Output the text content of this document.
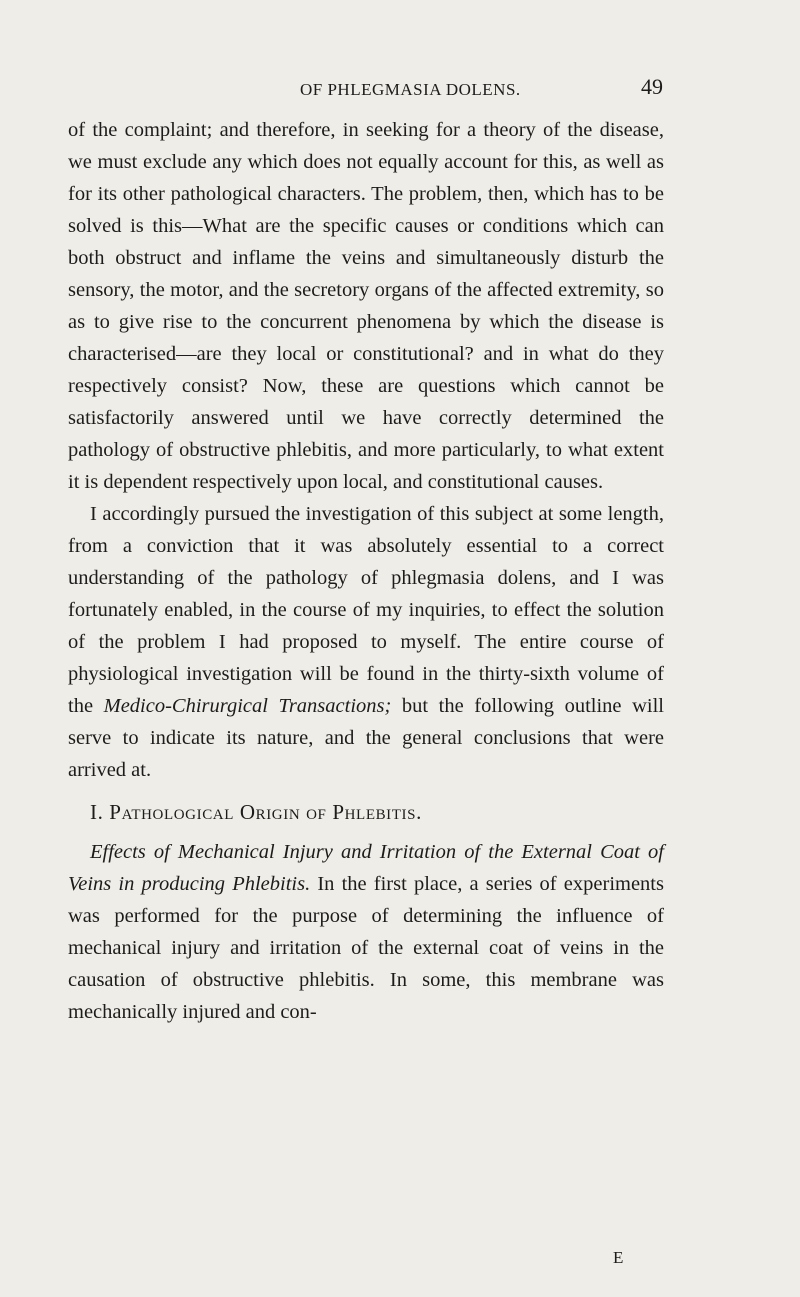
OF PHLEGMASIA DOLENS.	49

of the complaint; and therefore, in seeking for a theory of the disease, we must exclude any which does not equally account for this, as well as for its other pathological characters. The problem, then, which has to be solved is this—What are the specific causes or conditions which can both obstruct and inflame the veins and simultaneously disturb the sensory, the motor, and the secretory organs of the affected extremity, so as to give rise to the concurrent phenomena by which the disease is characterised—are they local or constitutional? and in what do they respectively consist? Now, these are questions which cannot be satisfactorily answered until we have correctly determined the pathology of obstructive phlebitis, and more particularly, to what extent it is dependent respectively upon local, and constitutional causes.

I accordingly pursued the investigation of this subject at some length, from a conviction that it was absolutely essential to a correct understanding of the pathology of phlegmasia dolens, and I was fortunately enabled, in the course of my inquiries, to effect the solution of the problem I had proposed to myself. The entire course of physiological investigation will be found in the thirty-sixth volume of the Medico-Chirurgical Transactions; but the following outline will serve to indicate its nature, and the general conclusions that were arrived at.

I. Pathological Origin of Phlebitis.

Effects of Mechanical Injury and Irritation of the External Coat of Veins in producing Phlebitis. In the first place, a series of experiments was performed for the purpose of determining the influence of mechanical injury and irritation of the external coat of veins in the causation of obstructive phlebitis. In some, this membrane was mechanically injured and con-

E
